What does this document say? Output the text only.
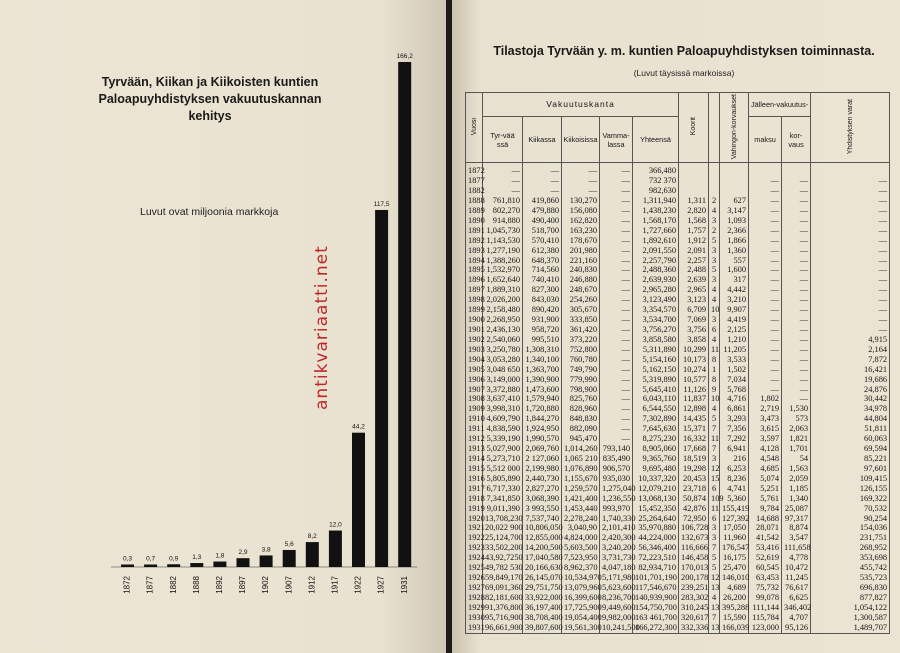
Tyrvään, Kiikan ja Kiikoisten kuntien
Paloapuyhdistyksen vakuutuskannan
kehitys
Luvut ovat miljoonia markkoja
0,3
1872
0,7
1877
0,9
1882
1,3
1888
1,8
1892
2,9
1897
3,8
1902
5,6
1907
8,2
1912
12,0
1917
44,2
1922
117,5
1927
166,2
1931
antikvariaatti.net
Tilastoja Tyrvään y. m. kuntien Paloapuyhdistyksen toiminnasta.
(Luvut täysissä markoissa)
Vuosi	Vakuutuskanta					Koorit		Vahingon-korvaukset	Jälleen-vakuutus-		Yhdistyksen varat
	Tyr-vää ssä	Kiikassa	Kiikoisissa	Vamma-lassa	Yhteensä				maksu	kor-vaus	
1872	—	—	—	—	366,480						
1877	—	—	—	—	732 370				—	—	—
1882	—	—	—	—	982,630				—	—	—
1888	761,810	419,860	130,270	—	1,311,940	1,311	2	627	—	—	—
1889	802,270	479,880	156,080	—	1,438,230	2,820	4	3,147	—	—	—
1890	914,880	490,400	162,820	—	1,568,170	1,568	3	1,093	—	—	—
1891	1,045,730	518,700	163,230	—	1,727,660	1,757	2	2,366	—	—	—
1892	1,143,530	570,410	178,670	—	1,892,610	1,912	5	1,866	—	—	—
1893	1,277,190	612,380	201,980	—	2,091,550	2,091	3	1,360	—	—	—
1894	1,388,260	648,370	221,160	—	2,257,790	2,257	3	557	—	—	—
1895	1,532,970	714,560	240,830	—	2,488,360	2,488	5	1,600	—	—	—
1896	1,652,640	740,410	246,880	—	2,639,930	2,639	3	317	—	—	—
1897	1,889,310	827,300	248,670	—	2,965,280	2,965	4	4,442	—	—	—
1898	2,026,200	843,030	254,260	—	3,123,490	3,123	4	3,210	—	—	—
1899	2,158,480	890,420	305,670	—	3,354,570	6,709	10	9,907	—	—	—
1900	2,268,950	931,900	333,850	—	3,534,700	7,069	3	4,419	—	—	—
1901	2,436,130	958,720	361,420	—	3,756,270	3,756	6	2,125	—	—	—
1902	2,540,060	995,510	373,220	—	3,858,580	3,858	4	1,210	—	—	4,915
1903	3,250,780	1,308,310	752,800	—	5,311,890	10,299	11	11,205	—	—	2,164
1904	3,053,280	1,340,100	760,780	—	5,154,160	10,173	8	3,533	—	—	7,872
1905	3,048 650	1,363,700	749,790	—	5,162,150	10,274	1	1,502	—	—	16,421
1906	3,149,000	1,390,900	779,990	—	5,319,890	10,577	8	7,034	—	—	19,686
1907	3,372,880	1,473,600	798,900	—	5,645,410	11,126	9	5,768	—	—	24,876
1908	3,637,410	1,579,940	825,760	—	6,043,110	11,837	10	4,716	1,802	—	30,442
1909	3,998,310	1,720,880	828,960	—	6,544,550	12,898	4	6,861	2,719	1,530	34,978
1910	4,609,790	1,844,270	848,830	—	7,302,890	14,435	5	3,293	3,473	573	44,804
1911	4,838,590	1,924,950	882,090	—	7,645,630	15,371	7	7,356	3,615	2,063	51,811
1912	5,339,190	1,990,570	945,470	—	8,275,230	16,332	11	7,292	3,597	1,821	60,063
1913	5,027,900	2,069,760	1,014,260	793,140	8,905,060	17,668	7	6,941	4,128	1,701	69,594
1914	5,273,710	2 127,060	1,065 210	835,490	9,365,760	18,519	3	216	4,548	54	85,221
1915	5,512 000	2,199,980	1,076,890	906,570	9,695,480	19,298	12	6,253	4,685	1,563	97,601
1916	5,805,890	2,440,730	1,155,670	935,030	10,337,320	20,453	15	8,236	5,074	2,059	109,415
1917	6,717,330	2,827,270	1,259,570	1,275,040	12,079,210	23,718	6	4,741	5,251	1,185	126,155
1918	7,341,850	3,068,390	1,421,400	1,236,550	13,068,130	50,874	109	5,360	5,761	1,340	169,322
1919	9,011,390	3 993,550	1,453,440	993,970	15,452,350	42,876	11	155,419	9,784	25,087	70,532
1920	13,708,230	7,537,740	2,278,240	1,740,330	25,264,640	72,950	6	127,392	14,688	97,317	90,254
1921	20,022 900	10,806,050	3,040,90	2,101,410	35,970,880	106,728	3	17,050	28,071	8,874	154,036
1922	25,124,700	12,855,000	4,824,000	2,420,300	44,224,000	132,673	3	11,960	41,542	3,547	231,751
1923	33,502,200	14,200,500	5,603,500	3,240,200	56,346,400	116,666	7	176,547	53,416	111,658	268,952
1924	43,92,7250	17,040,580	7,523,950	3,731,730	72,223,510	146,458	5	16,175	52,619	4,778	353,698
1925	49,782 530	20,166,630	8,962,370	4,047,180	82,934,710	170,013	5	25,470	60,545	10,472	455,742
1926	59,849,170	26,145,070	10,534,970	5,171,980	101,701,190	200,178	12	146,010	63,453	11,245	535,723
1927	69,091,360	29,751,750	13,079,960	5,623,600	117,546,670	239,251	13	4,689	75,732	76,617	696,830
1928	82,181,600	33,922,000	16,399,600	8,236,700	140,939,900	283,302	4	26,200	99,078	6,625	877,827
1929	91,376,800	36,197,400	17,725,900	9,449,600	154,750,700	310,245	13	395,288	111,144	346,402	1,054,122
1930	95,716,900	38,708,400	19,054,400	9,982,000	163 461,700	320,617	7	15,590	115,784	4,707	1,300,587
1931	96,661,900	39,807,600	19,561,300	10,241,500	166,272,300	332,336	13	166,039	123,000	95,126	1,489,707
